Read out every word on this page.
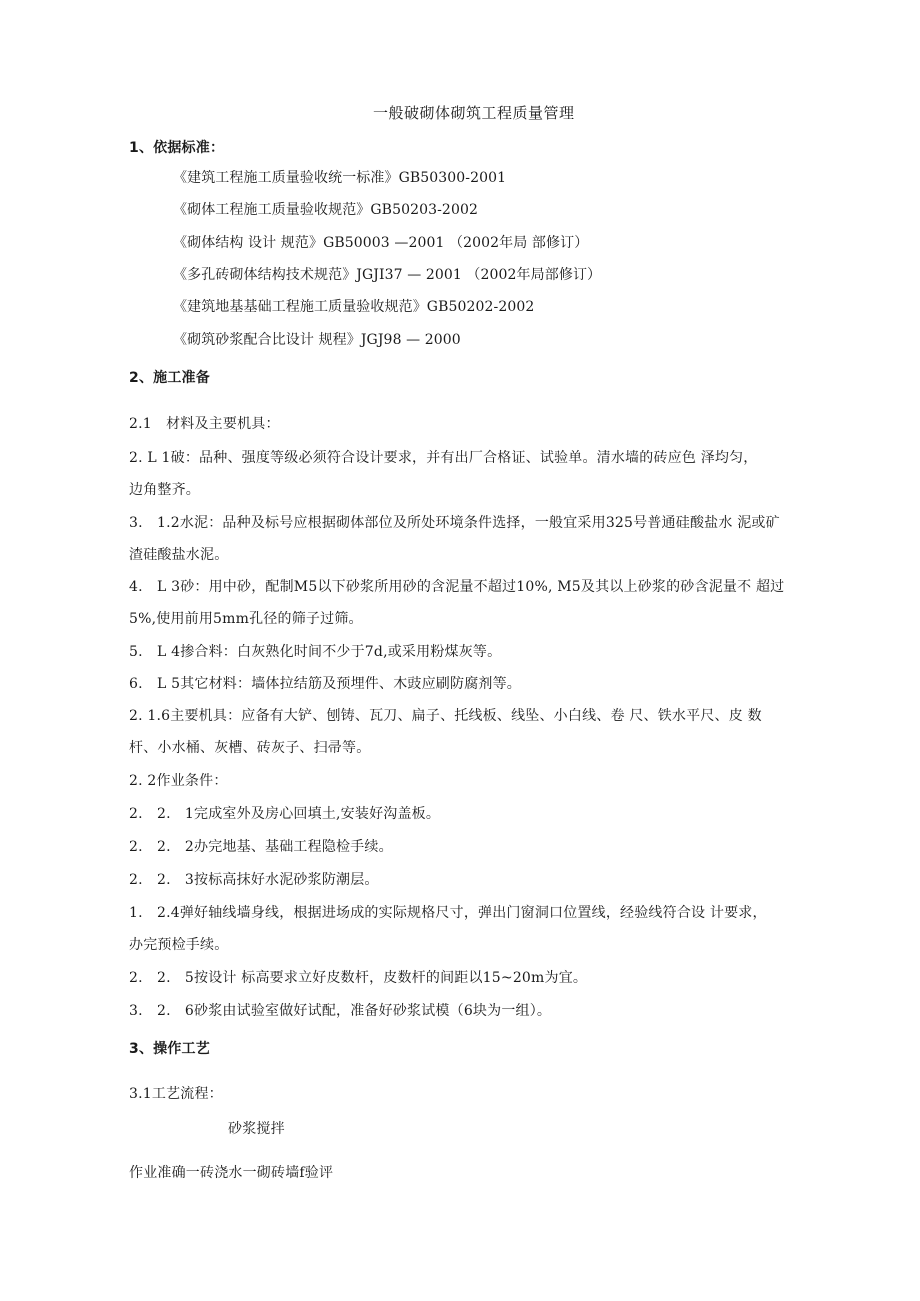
一般破砌体砌筑工程质量管理
1、依据标准：
《建筑工程施工质量验收统一标准》GB50300-2001
《砌体工程施工质量验收规范》GB50203-2002
《砌体结构 设计 规范》GB50003 —2001 （2002年局 部修订）
《多孔砖砌体结构技术规范》JGJI37 — 2001 （2002年局部修订）
《建筑地基基础工程施工质量验收规范》GB50202-2002
《砌筑砂浆配合比设计 规程》JGJ98 — 2000
2、施工准备
2.1　材料及主要机具：
2. L 1破：品种、强度等级必须符合设计要求，并有出厂合格证、试验单。清水墙的砖应色 泽均匀，
边角整齐。
3.　1.2水泥：品种及标号应根据砌体部位及所处环境条件选择，一般宜采用325号普通硅酸盐水 泥或矿
渣硅酸盐水泥。
4.　L 3砂：用中砂，配制M5以下砂浆所用砂的含泥量不超过10%, M5及其以上砂浆的砂含泥量不 超过
5%,使用前用5mm孔径的筛子过筛。
5.　L 4掺合料：白灰熟化时间不少于7d,或采用粉煤灰等。
6.　L 5其它材料：墙体拉结筋及预埋件、木豉应刷防腐剂等。
2. 1.6主要机具：应备有大铲、刨铸、瓦刀、扁子、托线板、线坠、小白线、卷 尺、铁水平尺、皮 数
杆、小水桶、灰槽、砖灰子、扫帚等。
2. 2作业条件：
2.　2.　1完成室外及房心回填土,安装好沟盖板。
2.　2.　2办完地基、基础工程隐检手续。
2.　2.　3按标高抹好水泥砂浆防潮层。
1.　2.4弹好轴线墙身线，根据进场成的实际规格尺寸，弹出门窗洞口位置线，经验线符合设 计要求，
办完预检手续。
2.　2.　5按设计 标高要求立好皮数杆，皮数杆的间距以15~20m为宜。
3.　2.　6砂浆由试验室做好试配，准备好砂浆试模（6块为一组）。
3、操作工艺
3.1工艺流程：
砂浆搅拌
作业准确一砖浇水一砌砖墙f验评
